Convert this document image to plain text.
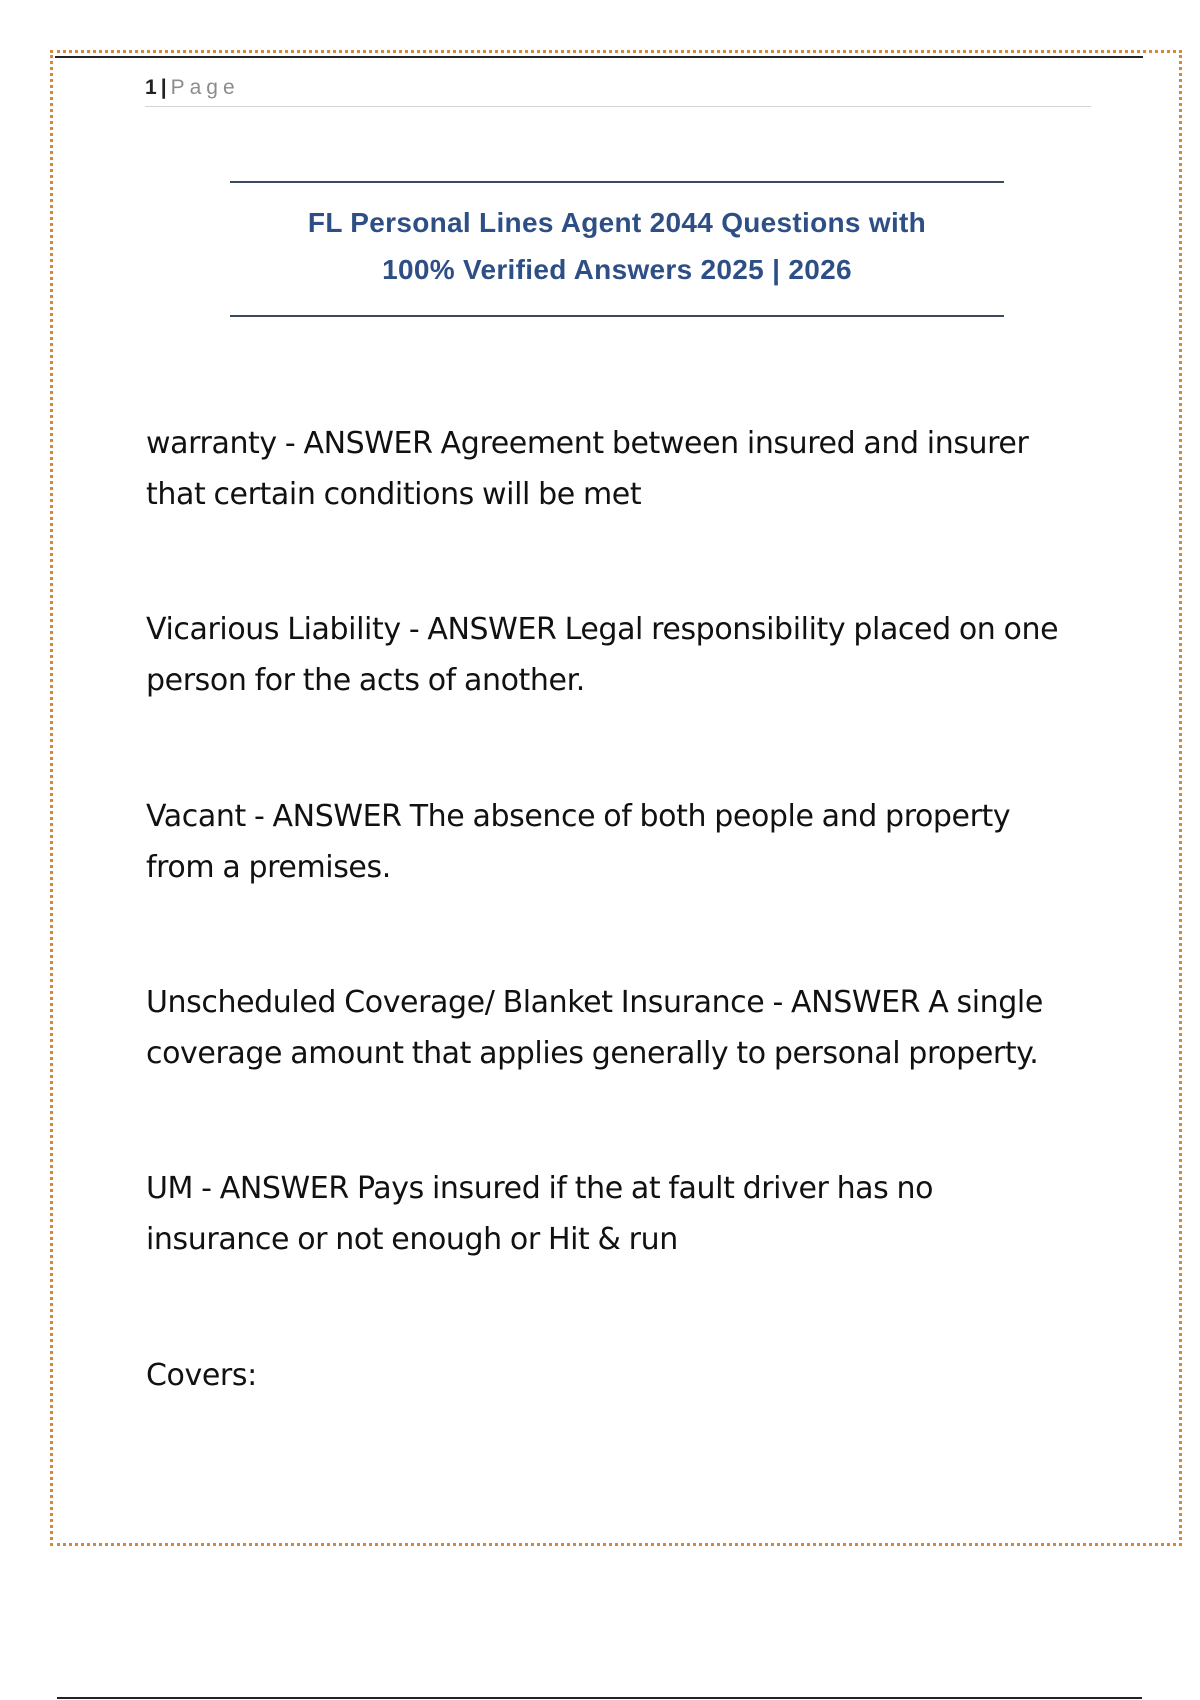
1 | Page
FL Personal Lines Agent 2044 Questions with
100% Verified Answers 2025 | 2026
warranty - ANSWER Agreement between insured and insurer
that certain conditions will be met
Vicarious Liability - ANSWER Legal responsibility placed on one
person for the acts of another.
Vacant - ANSWER The absence of both people and property
from a premises.
Unscheduled Coverage/ Blanket Insurance - ANSWER A single
coverage amount that applies generally to personal property.
UM - ANSWER Pays insured if the at fault driver has no
insurance or not enough or Hit & run
Covers:
